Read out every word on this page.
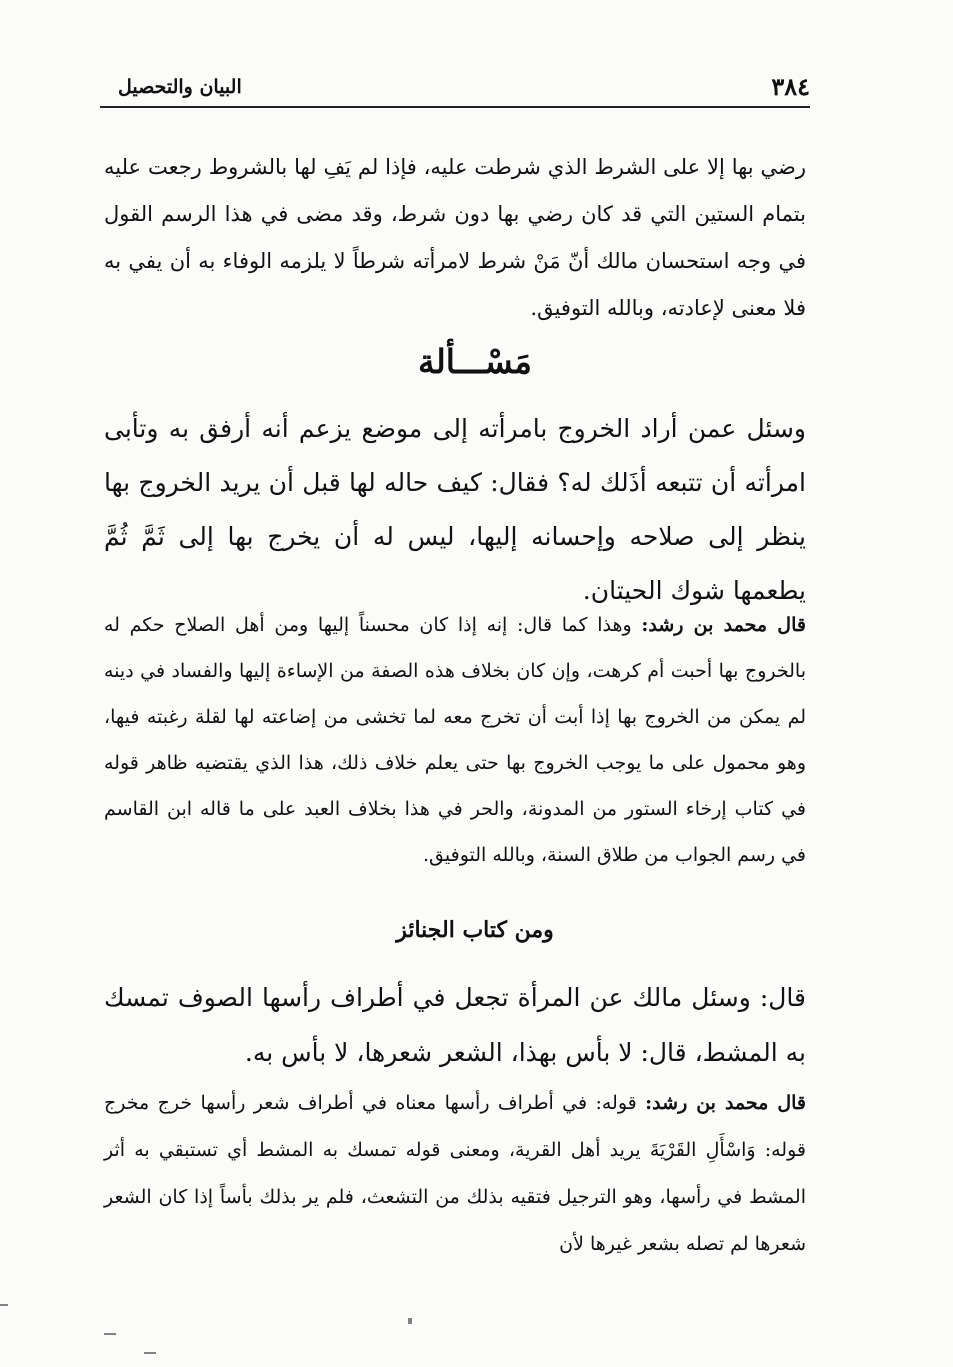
٣٨٤
البيان والتحصيل

رضي بها إلا على الشرط الذي شرطت عليه، فإذا لم يَفِ لها بالشروط رجعت عليه بتمام الستين التي قد كان رضي بها دون شرط، وقد مضى في هذا الرسم القول في وجه استحسان مالك أنّ مَنْ شرط لامرأته شرطاً لا يلزمه الوفاء به أن يفي به فلا معنى لإعادته، وبالله التوفيق.

مَسْـــألة

وسئل عمن أراد الخروج بامرأته إلى موضع يزعم أنه أرفق به وتأبى امرأته أن تتبعه أذَلك له؟ فقال: كيف حاله لها قبل أن يريد الخروج بها ينظر إلى صلاحه وإحسانه إليها، ليس له أن يخرج بها إلى ثَمَّ ثُمَّ يطعمها شوك الحيتان.

قال محمد بن رشد: وهذا كما قال: إنه إذا كان محسناً إليها ومن أهل الصلاح حكم له بالخروج بها أحبت أم كرهت، وإن كان بخلاف هذه الصفة من الإساءة إليها والفساد في دينه لم يمكن من الخروج بها إذا أبت أن تخرج معه لما تخشى من إضاعته لها لقلة رغبته فيها، وهو محمول على ما يوجب الخروج بها حتى يعلم خلاف ذلك، هذا الذي يقتضيه ظاهر قوله في كتاب إرخاء الستور من المدونة، والحر في هذا بخلاف العبد على ما قاله ابن القاسم في رسم الجواب من طلاق السنة، وبالله التوفيق.

ومن كتاب الجنائز

قال: وسئل مالك عن المرأة تجعل في أطراف رأسها الصوف تمسك به المشط، قال: لا بأس بهذا، الشعر شعرها، لا بأس به.

قال محمد بن رشد: قوله: في أطراف رأسها معناه في أطراف شعر رأسها خرج مخرج قوله: وَاسْأَلِ القَرْيَةَ يريد أهل القرية، ومعنى قوله تمسك به المشط أي تستبقي به أثر المشط في رأسها، وهو الترجيل فتقيه بذلك من التشعث، فلم ير بذلك بأساً إذا كان الشعر شعرها لم تصله بشعر غيرها لأن
